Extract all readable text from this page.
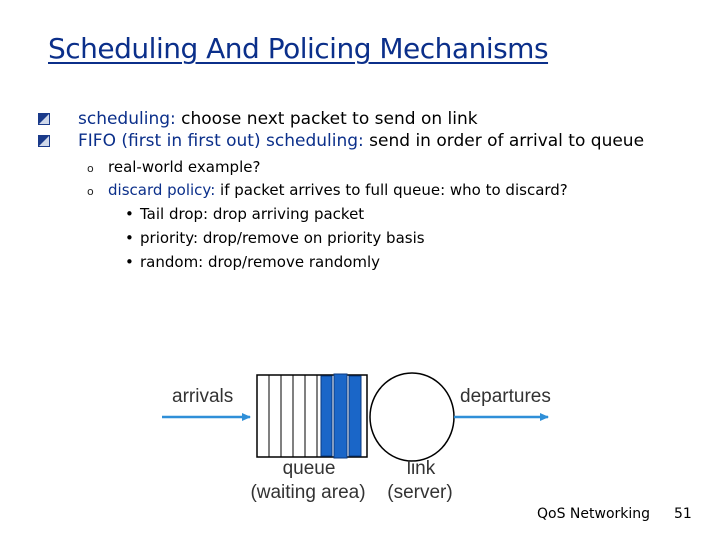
Scheduling And Policing Mechanisms
scheduling: choose next packet to send on link
FIFO (first in first out) scheduling: send in order of arrival to queue
o real-world example?
o discard policy: if packet arrives to full queue: who to discard?
• Tail drop: drop arriving packet
• priority: drop/remove on priority basis
• random: drop/remove randomly
arrivals	departures
queue
(waiting area)
link
(server)
QoS Networking 51
